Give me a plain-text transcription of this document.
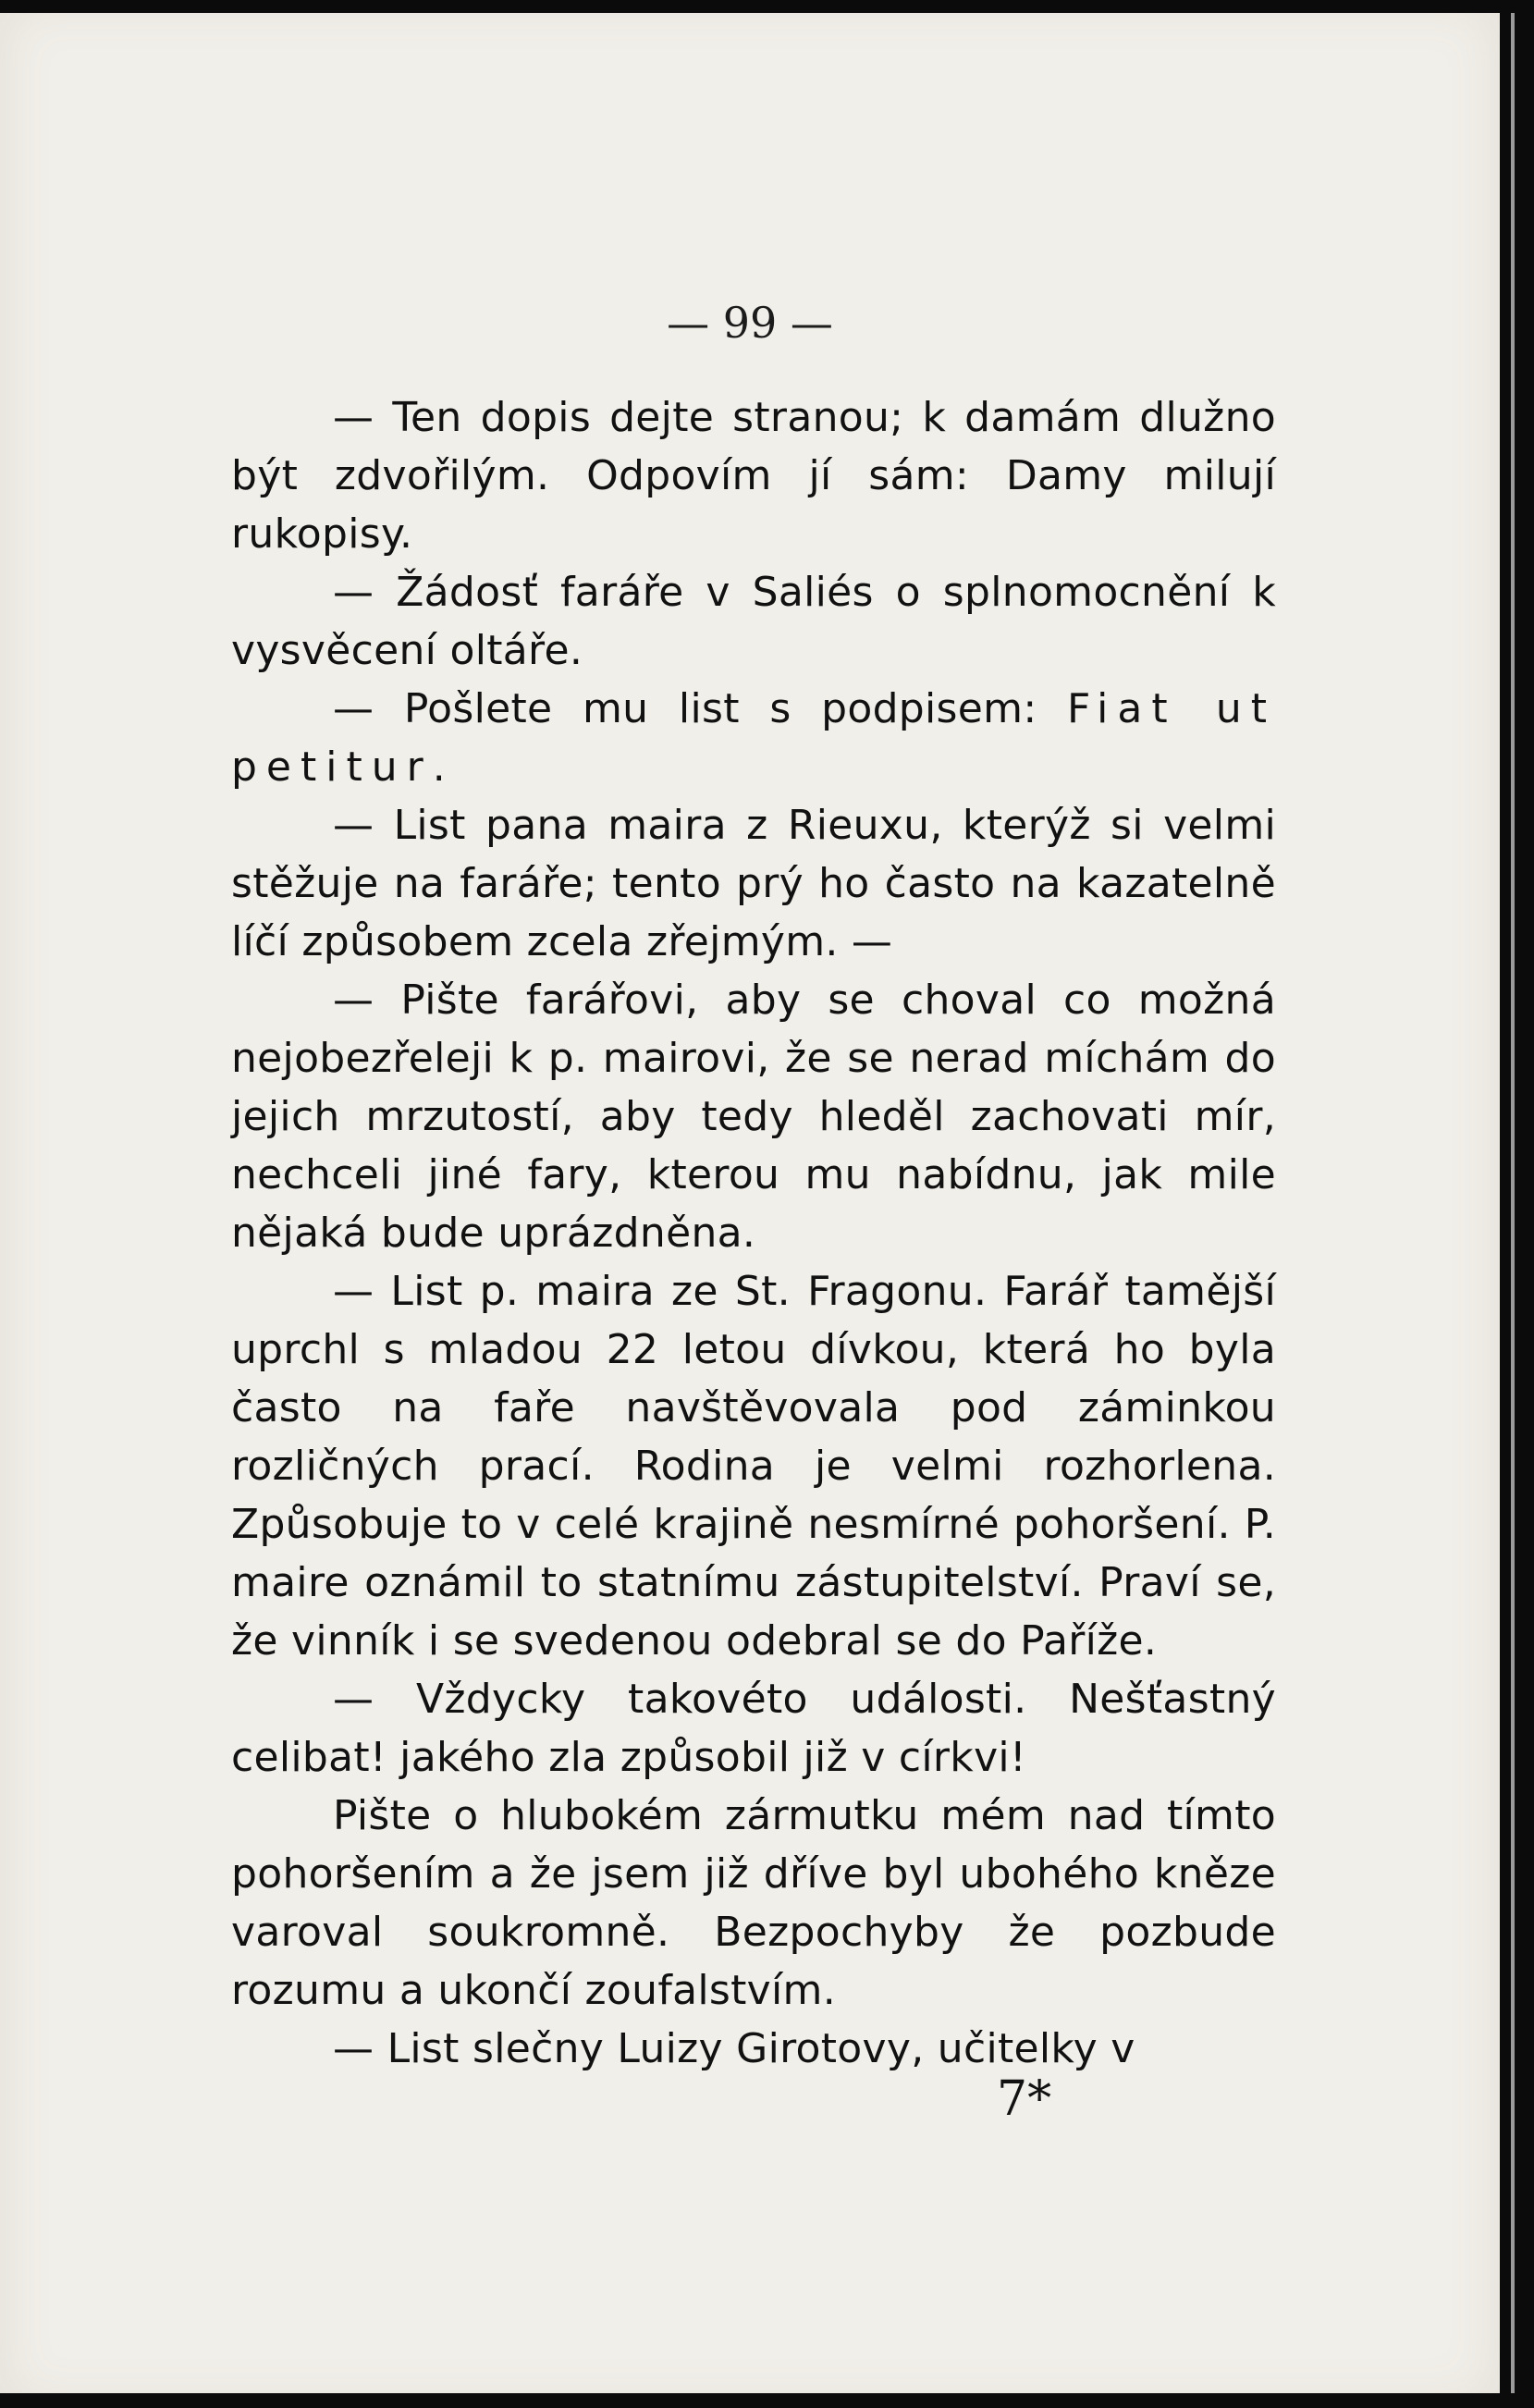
— 99 —

— Ten dopis dejte stranou; k damám dlužno být zdvořilým. Odpovím jí sám: Damy milují rukopisy.

— Žádosť faráře v Saliés o splnomocnění k vysvěcení oltáře.

— Pošlete mu list s podpisem: Fiat ut petitur.

— List pana maira z Rieuxu, kterýž si velmi stěžuje na faráře; tento prý ho často na kazatelně líčí způsobem zcela zřejmým. —

— Pište farářovi, aby se choval co možná nejobezřeleji k p. mairovi, že se nerad míchám do jejich mrzutostí, aby tedy hleděl zachovati mír, nechceli jiné fary, kterou mu nabídnu, jak mile nějaká bude uprázdněna.

— List p. maira ze St. Fragonu. Farář tamější uprchl s mladou 22 letou dívkou, která ho byla často na faře navštěvovala pod záminkou rozličných prací. Rodina je velmi rozhorlena. Způsobuje to v celé krajině nesmírné pohoršení. P. maire oznámil to statnímu zástupitelství. Praví se, že vinník i se svedenou odebral se do Paříže.

— Vždycky takovéto události. Nešťastný celibat! jakého zla způsobil již v církvi!

Pište o hlubokém zármutku mém nad tímto pohoršením a že jsem již dříve byl ubohého kněze varoval soukromně. Bezpochyby že pozbude rozumu a ukončí zoufalstvím.

— List slečny Luizy Girotovy, učitelky v

7*
